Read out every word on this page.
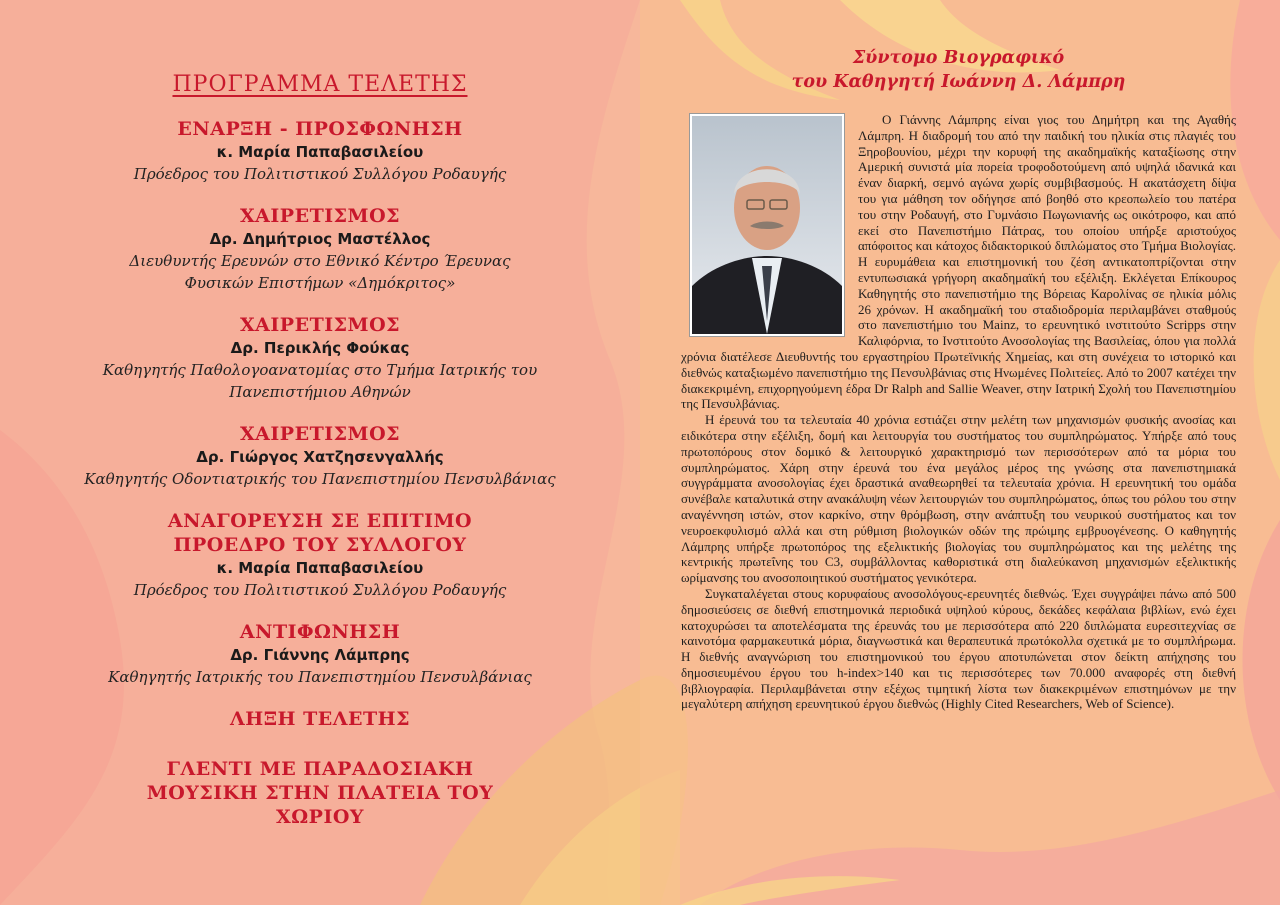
ΠΡΟΓΡΑΜΜΑ ΤΕΛΕΤΗΣ
ΕΝΑΡΞΗ - ΠΡΟΣΦΩΝΗΣΗ
κ. Μαρία Παπαβασιλείου
Πρόεδρος του Πολιτιστικού Συλλόγου Ροδαυγής
ΧΑΙΡΕΤΙΣΜΟΣ
Δρ. Δημήτριος Μαστέλλος
Διευθυντής Ερευνών στο Εθνικό Κέντρο Έρευνας Φυσικών Επιστήμων «Δημόκριτος»
ΧΑΙΡΕΤΙΣΜΟΣ
Δρ. Περικλής Φούκας
Καθηγητής Παθολογοανατομίας στο Τμήμα Ιατρικής του Πανεπιστήμιου Αθηνών
ΧΑΙΡΕΤΙΣΜΟΣ
Δρ. Γιώργος Χατζησενγαλλής
Καθηγητής Οδοντιατρικής του Πανεπιστημίου Πενσυλβάνιας
ΑΝΑΓΟΡΕΥΣΗ ΣΕ ΕΠΙΤΙΜΟ ΠΡΟΕΔΡΟ ΤΟΥ ΣΥΛΛΟΓΟΥ
κ. Μαρία Παπαβασιλείου
Πρόεδρος του Πολιτιστικού Συλλόγου Ροδαυγής
ΑΝΤΙΦΩΝΗΣΗ
Δρ. Γιάννης Λάμπρης
Καθηγητής Ιατρικής του Πανεπιστημίου Πενσυλβάνιας
ΛΗΞΗ ΤΕΛΕΤΗΣ
ΓΛΕΝΤΙ ΜΕ ΠΑΡΑΔΟΣΙΑΚΗ ΜΟΥΣΙΚΗ ΣΤΗΝ ΠΛΑΤΕΙΑ ΤΟΥ ΧΩΡΙΟΥ
Σύντομο Βιογραφικό
του Καθηγητή Ιωάννη Δ. Λάμπρη

Ο Γιάννης Λάμπρης είναι γιος του Δημήτρη και της Αγαθής Λάμπρη. Η διαδρομή του από την παιδική του ηλικία στις πλαγιές του Ξηροβουνίου, μέχρι την κορυφή της ακαδημαϊκής καταξίωσης στην Αμερική συνιστά μία πορεία τροφοδοτούμενη από υψηλά ιδανικά και έναν διαρκή, σεμνό αγώνα χωρίς συμβιβασμούς. Η ακατάσχετη δίψα του για μάθηση τον οδήγησε από βοηθό στο κρεοπωλείο του πατέρα του στην Ροδαυγή, στο Γυμνάσιο Πωγωνιανής ως οικότροφο, και από εκεί στο Πανεπιστήμιο Πάτρας, του οποίου υπήρξε αριστούχος απόφοιτος και κάτοχος διδακτορικού διπλώματος στο Τμήμα Βιολογίας. Η ευρυμάθεια και επιστημονική του ζέση αντικατοπτρίζονται στην εντυπωσιακά γρήγορη ακαδημαϊκή του εξέλιξη. Εκλέγεται Επίκουρος Καθηγητής στο πανεπιστήμιο της Βόρειας Καρολίνας σε ηλικία μόλις 26 χρόνων. Η ακαδημαϊκή του σταδιοδρομία περιλαμβάνει σταθμούς στο πανεπιστήμιο του Mainz, το ερευνητικό ινστιτούτο Scripps στην Καλιφόρνια, το Ινστιτούτο Ανοσολογίας της Βασιλείας, όπου για πολλά χρόνια διατέλεσε Διευθυντής του εργαστηρίου Πρωτεϊνικής Χημείας, και στη συνέχεια το ιστορικό και διεθνώς καταξιωμένο πανεπιστήμιο της Πενσυλβάνιας στις Ηνωμένες Πολιτείες. Από το 2007 κατέχει την διακεκριμένη, επιχορηγούμενη έδρα Dr Ralph and Sallie Weaver, στην Ιατρική Σχολή του Πανεπιστημίου της Πενσυλβάνιας.

Η έρευνά του τα τελευταία 40 χρόνια εστιάζει στην μελέτη των μηχανισμών φυσικής ανοσίας και ειδικότερα στην εξέλιξη, δομή και λειτουργία του συστήματος του συμπληρώματος. Υπήρξε από τους πρωτοπόρους στον δομικό & λειτουργικό χαρακτηρισμό των περισσότερων από τα μόρια του συμπληρώματος. Χάρη στην έρευνά του ένα μεγάλος μέρος της γνώσης στα πανεπιστημιακά συγγράμματα ανοσολογίας έχει δραστικά αναθεωρηθεί τα τελευταία χρόνια. Η ερευνητική του ομάδα συνέβαλε καταλυτικά στην ανακάλυψη νέων λειτουργιών του συμπληρώματος, όπως του ρόλου του στην αναγέννηση ιστών, στον καρκίνο, στην θρόμβωση, στην ανάπτυξη του νευρικού συστήματος και τον νευροεκφυλισμό αλλά και στη ρύθμιση βιολογικών οδών της πρώιμης εμβρυογένεσης. Ο καθηγητής Λάμπρης υπήρξε πρωτοπόρος της εξελικτικής βιολογίας του συμπληρώματος και της μελέτης της κεντρικής πρωτεΐνης του C3, συμβάλλοντας καθοριστικά στη διαλεύκανση μηχανισμών εξελικτικής ωρίμανσης του ανοσοποιητικού συστήματος γενικότερα.

Συγκαταλέγεται στους κορυφαίους ανοσολόγους-ερευνητές διεθνώς. Έχει συγγράψει πάνω από 500 δημοσιεύσεις σε διεθνή επιστημονικά περιοδικά υψηλού κύρους, δεκάδες κεφάλαια βιβλίων, ενώ έχει κατοχυρώσει τα αποτελέσματα της έρευνάς του με περισσότερα από 220 διπλώματα ευρεσιτεχνίας σε καινοτόμα φαρμακευτικά μόρια, διαγνωστικά και θεραπευτικά πρωτόκολλα σχετικά με το συμπλήρωμα. Η διεθνής αναγνώριση του επιστημονικού του έργου αποτυπώνεται στον δείκτη απήχησης του δημοσιευμένου έργου του h-index>140 και τις περισσότερες των 70.000 αναφορές στη διεθνή βιβλιογραφία. Περιλαμβάνεται στην εξέχως τιμητική λίστα των διακεκριμένων επιστημόνων με την μεγαλύτερη απήχηση ερευνητικού έργου διεθνώς (Highly Cited Researchers, Web of Science).
